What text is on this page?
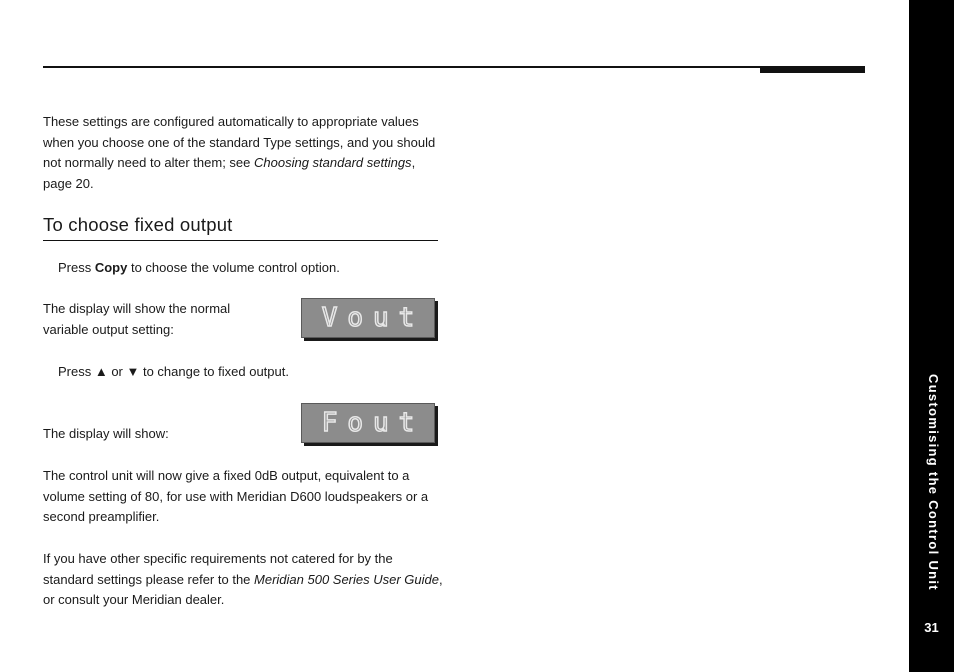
These settings are configured automatically to appropriate values when you choose one of the standard Type settings, and you should not normally need to alter them; see Choosing standard settings, page 20.

To choose fixed output

Press Copy to choose the volume control option.

The display will show the normal variable output setting:	Vout

Press ▲ or ▼ to change to fixed output.

The display will show:	Fout

The control unit will now give a fixed 0dB output, equivalent to a volume setting of 80, for use with Meridian D600 loudspeakers or a second preamplifier.

If you have other specific requirements not catered for by the standard settings please refer to the Meridian 500 Series User Guide, or consult your Meridian dealer.

Customising the Control Unit
31
